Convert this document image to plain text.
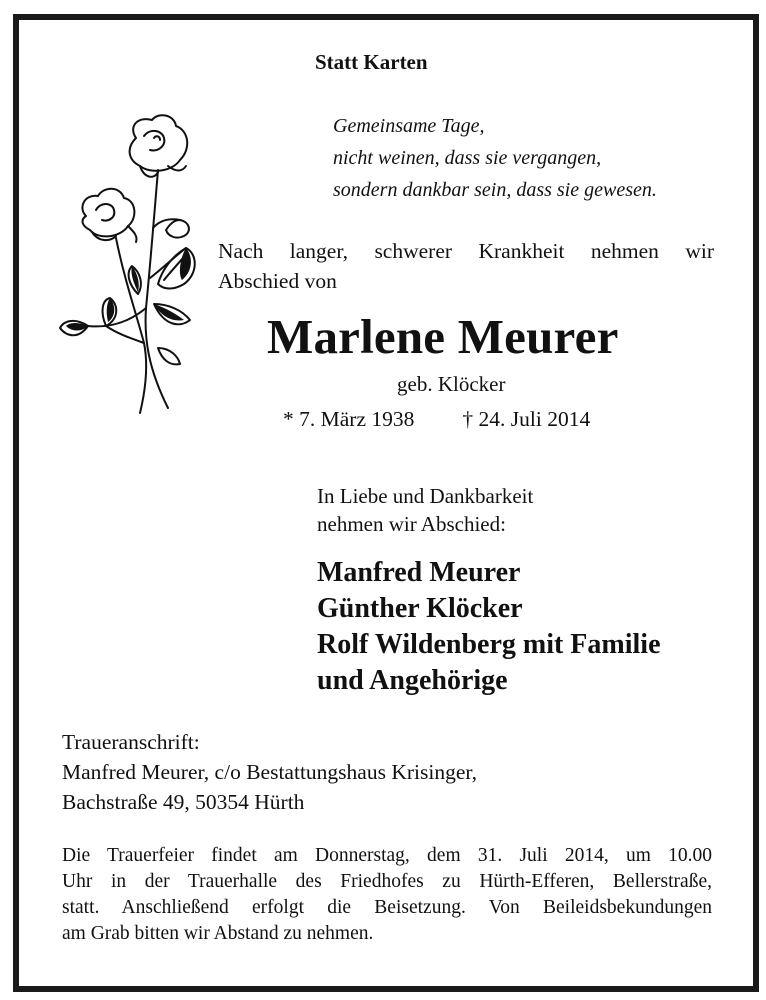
Statt Karten
Gemeinsame Tage,
nicht weinen, dass sie vergangen,
sondern dankbar sein, dass sie gewesen.
Nach langer, schwerer Krankheit nehmen wir
Abschied von
Marlene Meurer
geb. Klöcker
* 7. März 1938 † 24. Juli 2014
In Liebe und Dankbarkeit
nehmen wir Abschied:
Manfred Meurer
Günther Klöcker
Rolf Wildenberg mit Familie
und Angehörige
Traueranschrift:
Manfred Meurer, c/o Bestattungshaus Krisinger,
Bachstraße 49, 50354 Hürth
Die Trauerfeier findet am Donnerstag, dem 31. Juli 2014, um 10.00
Uhr in der Trauerhalle des Friedhofes zu Hürth-Efferen, Bellerstraße,
statt. Anschließend erfolgt die Beisetzung. Von Beileidsbekundungen
am Grab bitten wir Abstand zu nehmen.
